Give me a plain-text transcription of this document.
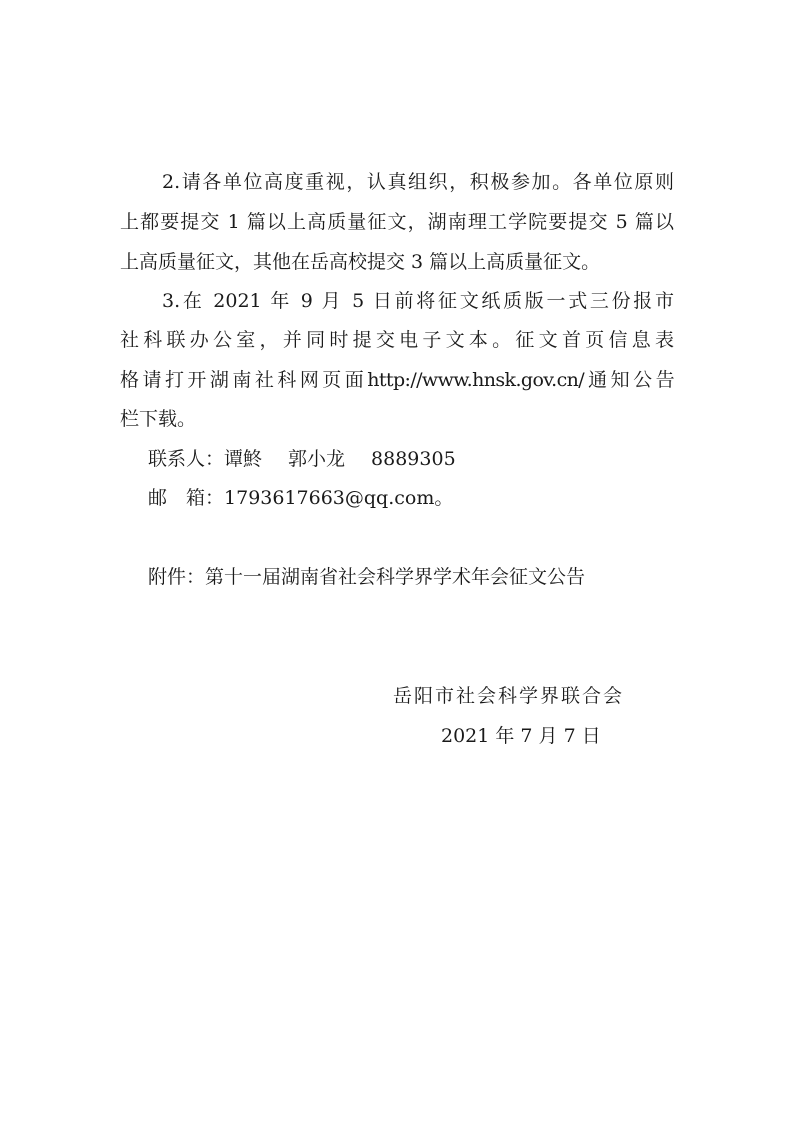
2.请各单位高度重视，认真组织，积极参加。各单位原则
上都要提交 1 篇以上高质量征文，湖南理工学院要提交 5 篇以
上高质量征文，其他在岳高校提交 3 篇以上高质量征文。
3.在 2021 年 9 月 5 日前将征文纸质版一式三份报市
社科联办公室，并同时提交电子文本。征文首页信息表
格请打开湖南社科网页面http://www.hnsk.gov.cn/通知公告
栏下载。
联系人：谭鮗 郭小龙 8889305
邮　箱：1793617663@qq.com。
附件：第十一届湖南省社会科学界学术年会征文公告
岳阳市社会科学界联合会
2021 年 7 月 7 日
